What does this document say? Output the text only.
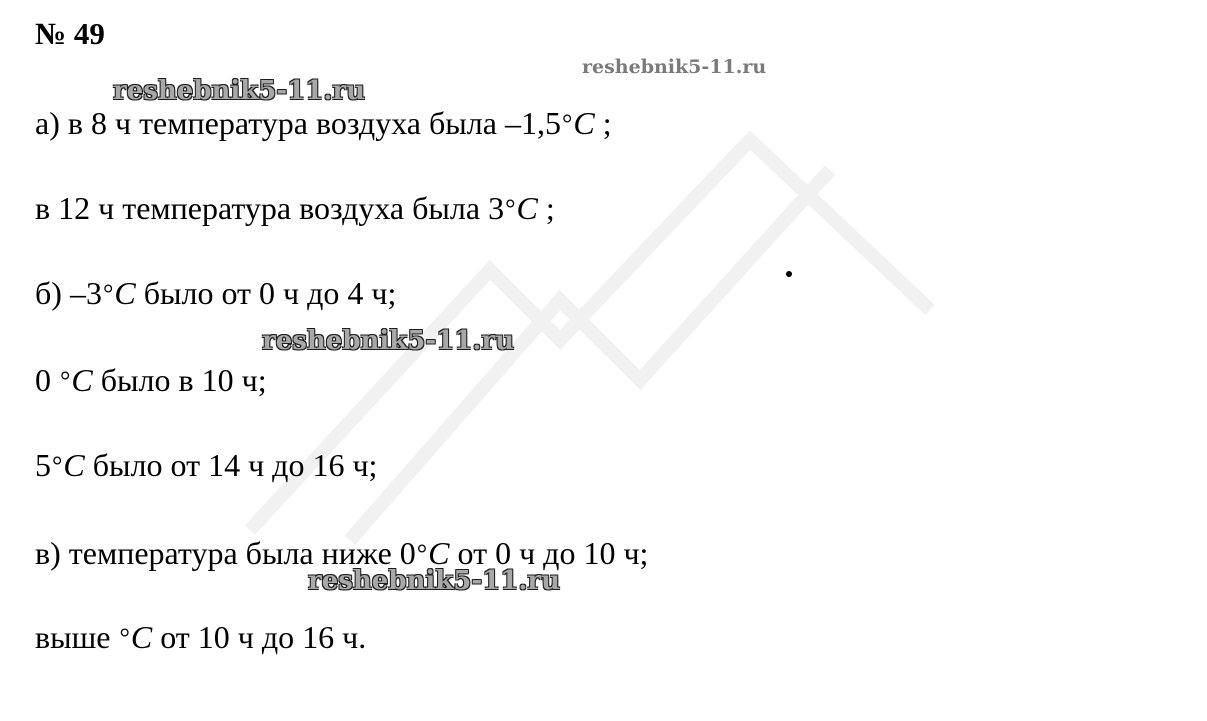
№ 49
reshebnik5-11.ru
reshebnik5-11.ru
reshebnik5-11.ru
reshebnik5-11.ru
а) в 8 ч температура воздуха была –1,5°C ;
в 12 ч температура воздуха была 3°C ;
б) –3°C было от 0 ч до 4 ч;
0 °C было в 10 ч;
5°C было от 14 ч до 16 ч;
в) температура была ниже 0°C от 0 ч до 10 ч;
выше °C от 10 ч до 16 ч.
